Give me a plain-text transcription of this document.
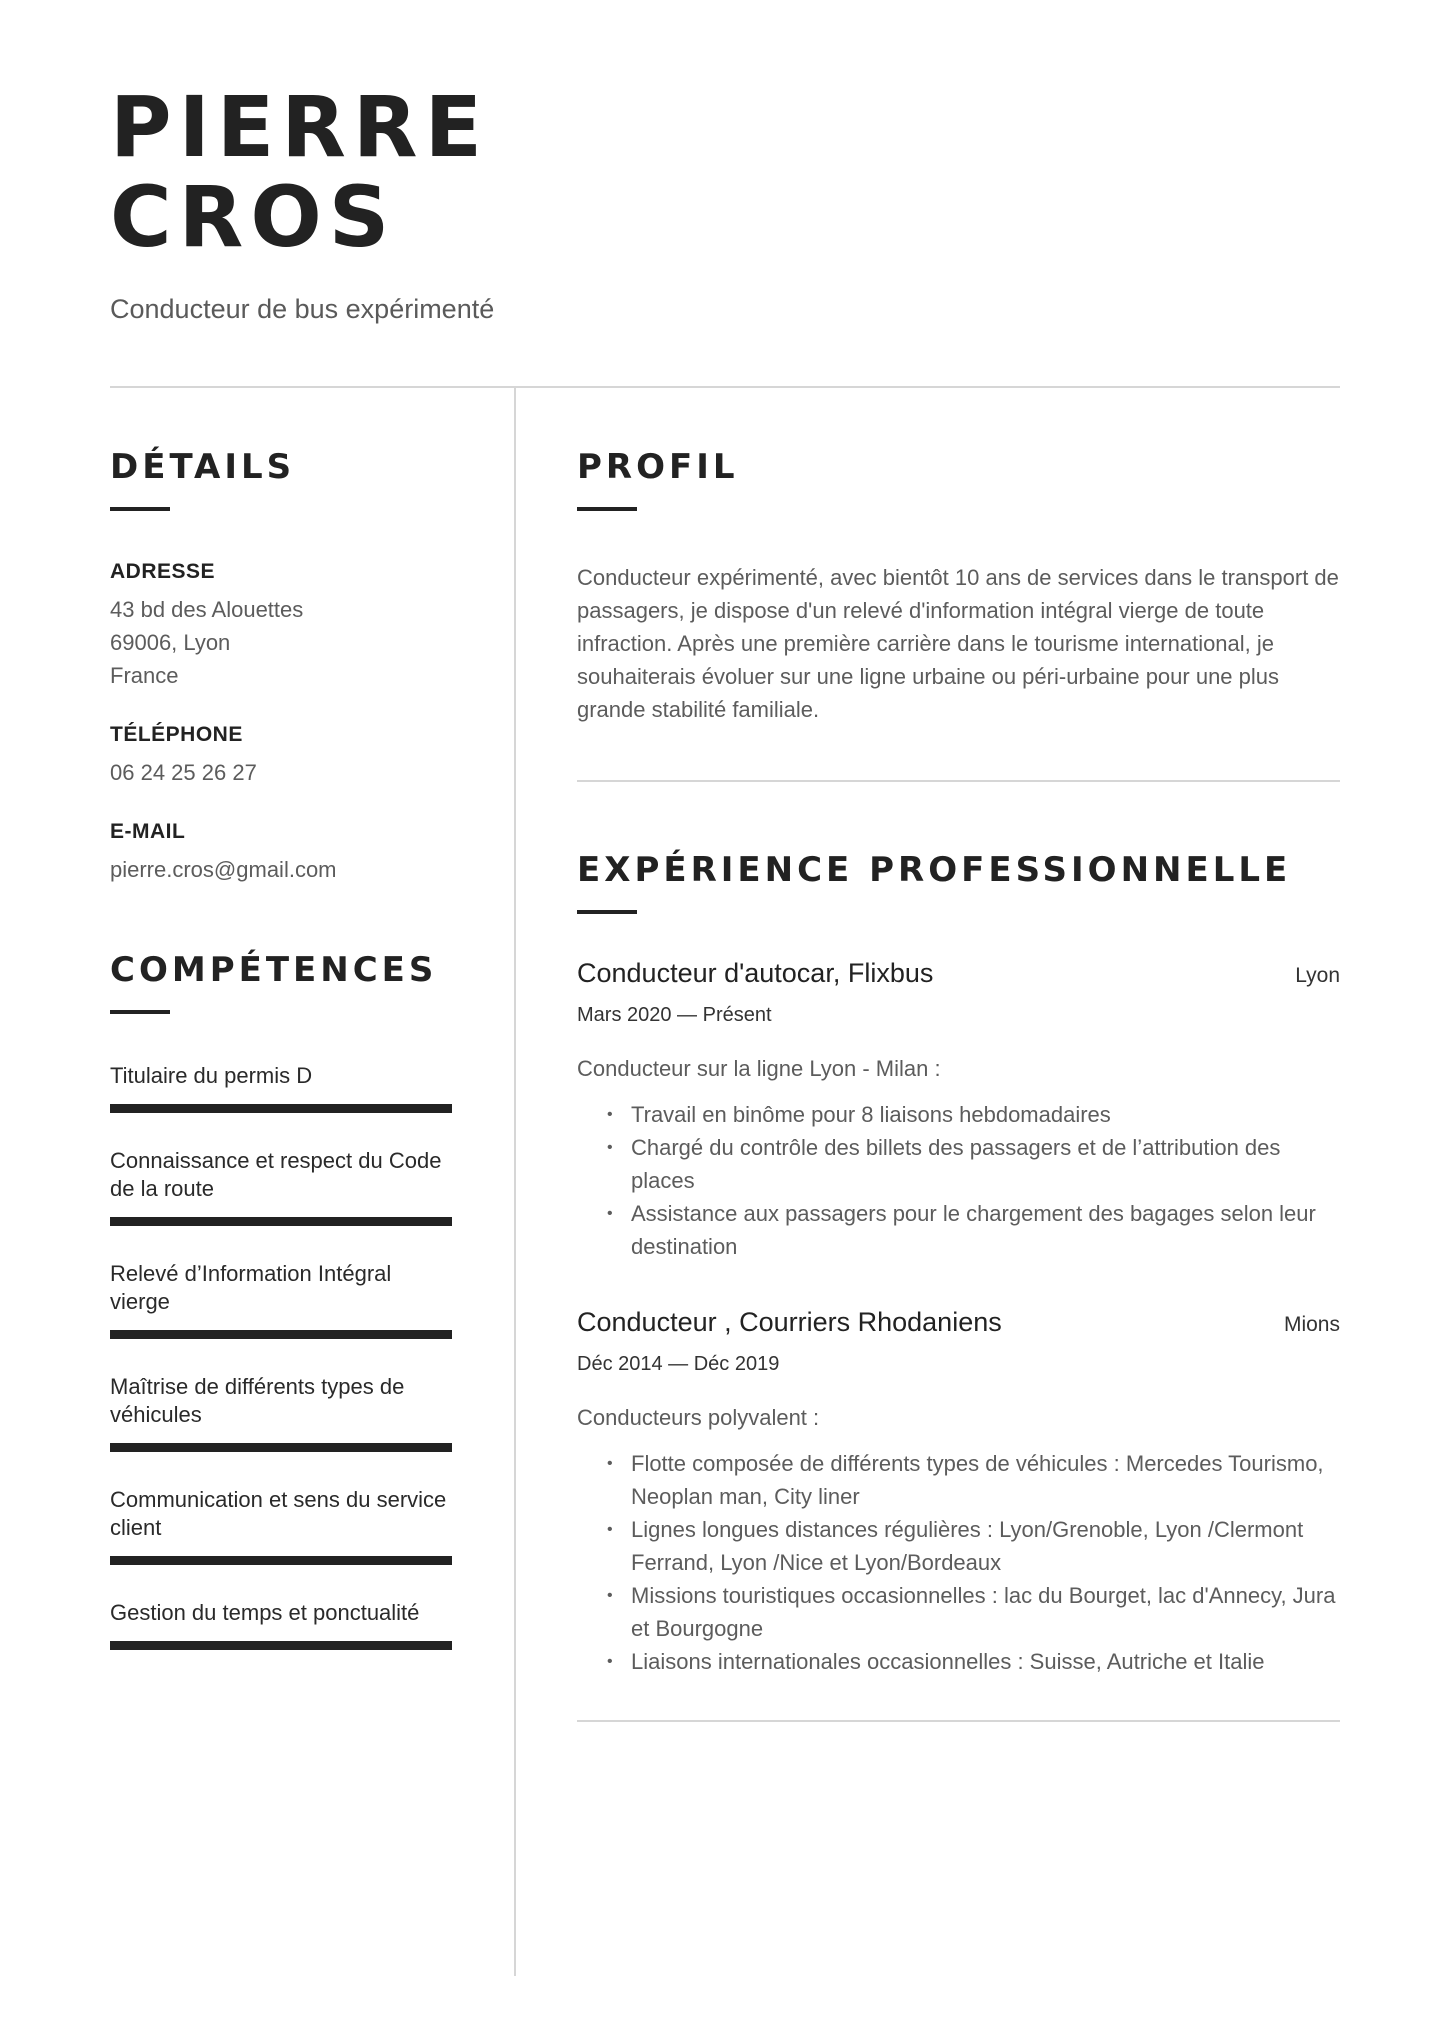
PIERRE
CROS
Conducteur de bus expérimenté
DÉTAILS
ADRESSE
43 bd des Alouettes
69006, Lyon
France
TÉLÉPHONE
06 24 25 26 27
E-MAIL
pierre.cros@gmail.com
COMPÉTENCES
Titulaire du permis D
Connaissance et respect du Code de la route
Relevé d’Information Intégral vierge
Maîtrise de différents types de véhicules
Communication et sens du service client
Gestion du temps et ponctualité
PROFIL
Conducteur expérimenté, avec bientôt 10 ans de services dans le transport de passagers, je dispose d'un relevé d'information intégral vierge de toute infraction. Après une première carrière dans le tourisme international, je souhaiterais évoluer sur une ligne urbaine ou péri-urbaine pour une plus grande stabilité familiale.
EXPÉRIENCE PROFESSIONNELLE
Conducteur d'autocar, Flixbus	Lyon
Mars 2020 — Présent
Conducteur sur la ligne Lyon - Milan :
• Travail en binôme pour 8 liaisons hebdomadaires
• Chargé du contrôle des billets des passagers et de l’attribution des places
• Assistance aux passagers pour le chargement des bagages selon leur destination
Conducteur , Courriers Rhodaniens	Mions
Déc 2014 — Déc 2019
Conducteurs polyvalent :
• Flotte composée de différents types de véhicules : Mercedes Tourismo, Neoplan man, City liner
• Lignes longues distances régulières : Lyon/Grenoble, Lyon /Clermont Ferrand, Lyon /Nice et Lyon/Bordeaux
• Missions touristiques occasionnelles : lac du Bourget, lac d'Annecy, Jura et Bourgogne
• Liaisons internationales occasionnelles : Suisse, Autriche et Italie
